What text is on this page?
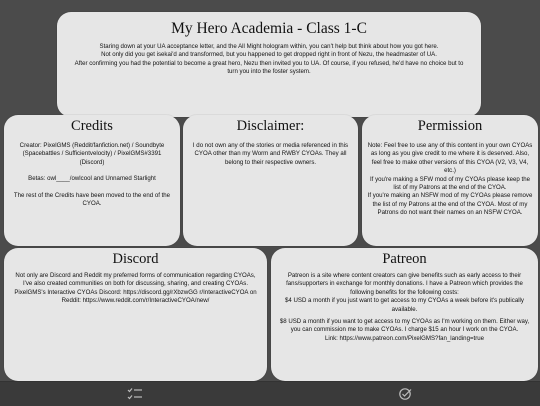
My Hero Academia - Class 1-C

Staring down at your UA acceptance letter, and the All Might hologram within, you can't help but think about how you got here.

Not only did you get isekai'd and transformed, but you happened to get dropped right in front of Nezu, the headmaster of UA.

After confirming you had the potential to become a great hero, Nezu then invited you to UA. Of course, if you refused, he'd have no choice but to turn you into the foster system.

Credits

Creator: PixelGMS (Reddit/fanfiction.net) / Soundbyte (Spacebattles / Sufficientvelocity) / PixelGMS#3391 (Discord)

Betas: owl____/owlcool and Unnamed Starlight

The rest of the Credits have been moved to the end of the CYOA.

Disclaimer:

I do not own any of the stories or media referenced in this CYOA other than my Worm and RWBY CYOAs. They all belong to their respective owners.

Permission

Note: Feel free to use any of this content in your own CYOAs as long as you give credit to me where it is deserved. Also, feel free to make other versions of this CYOA (V2, V3, V4, etc.)

If you're making a SFW mod of my CYOAs please keep the list of my Patrons at the end of the CYOA.

If you're making an NSFW mod of my CYOAs please remove the list of my Patrons at the end of the CYOA. Most of my Patrons do not want their names on an NSFW CYOA.

Discord

Not only are Discord and Reddit my preferred forms of communication regarding CYOAs, I've also created communities on both for discussing, sharing, and creating CYOAs.

PixelGMS's Interactive CYOAs Discord: https://discord.gg/rXbzwGG r/InteractiveCYOA on Reddit: https://www.reddit.com/r/InteractiveCYOA/new/

Patreon

Patreon is a site where content creators can give benefits such as early access to their fans/supporters in exchange for monthly donations. I have a Patreon which provides the following benefits for the following costs:

$4 USD a month if you just want to get access to my CYOAs a week before it's publically available.

$8 USD a month if you want to get access to my CYOAs as I'm working on them. Either way, you can commission me to make CYOAs. I charge $15 an hour I work on the CYOA.

Link: https://www.patreon.com/PixelGMS?fan_landing=true
